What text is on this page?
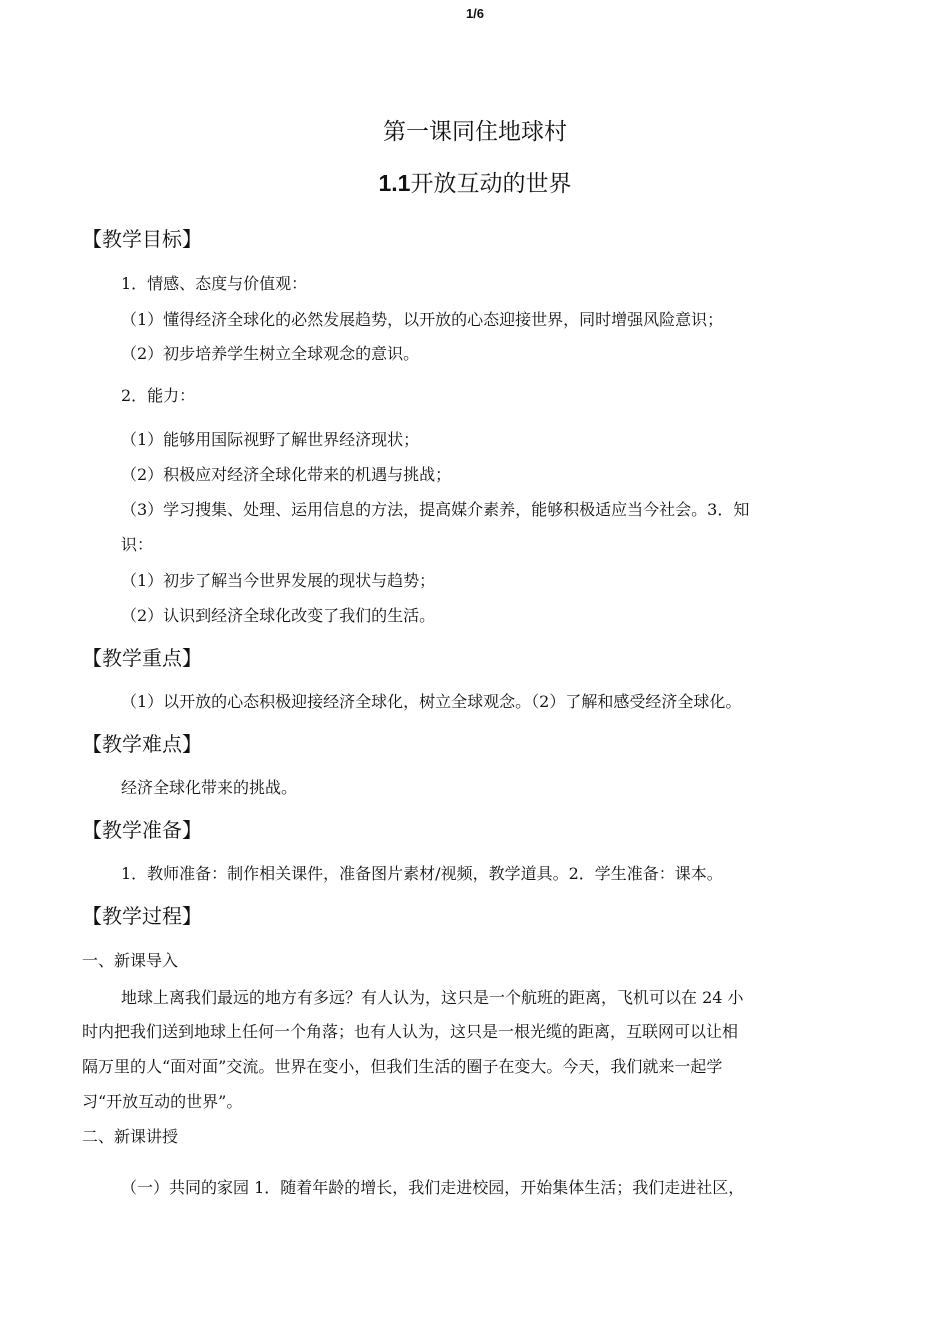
1/6
第一课同住地球村
1.1开放互动的世界
【教学目标】
1．情感、态度与价值观：
（1）懂得经济全球化的必然发展趋势，以开放的心态迎接世界，同时增强风险意识；
（2）初步培养学生树立全球观念的意识。
2．能力：
（1）能够用国际视野了解世界经济现状；
（2）积极应对经济全球化带来的机遇与挑战；
（3）学习搜集、处理、运用信息的方法，提高媒介素养，能够积极适应当今社会。3．知
识：
（1）初步了解当今世界发展的现状与趋势；
（2）认识到经济全球化改变了我们的生活。
【教学重点】
（1）以开放的心态积极迎接经济全球化，树立全球观念。（2）了解和感受经济全球化。
【教学难点】
经济全球化带来的挑战。
【教学准备】
1．教师准备：制作相关课件，准备图片素材/视频，教学道具。2．学生准备：课本。
【教学过程】
一、新课导入
地球上离我们最远的地方有多远？有人认为，这只是一个航班的距离，飞机可以在 24 小
时内把我们送到地球上任何一个角落；也有人认为，这只是一根光缆的距离，互联网可以让相
隔万里的人“面对面”交流。世界在变小，但我们生活的圈子在变大。今天，我们就来一起学
习“开放互动的世界”。
二、新课讲授
（一）共同的家园 1．随着年龄的增长，我们走进校园，开始集体生活；我们走进社区，
